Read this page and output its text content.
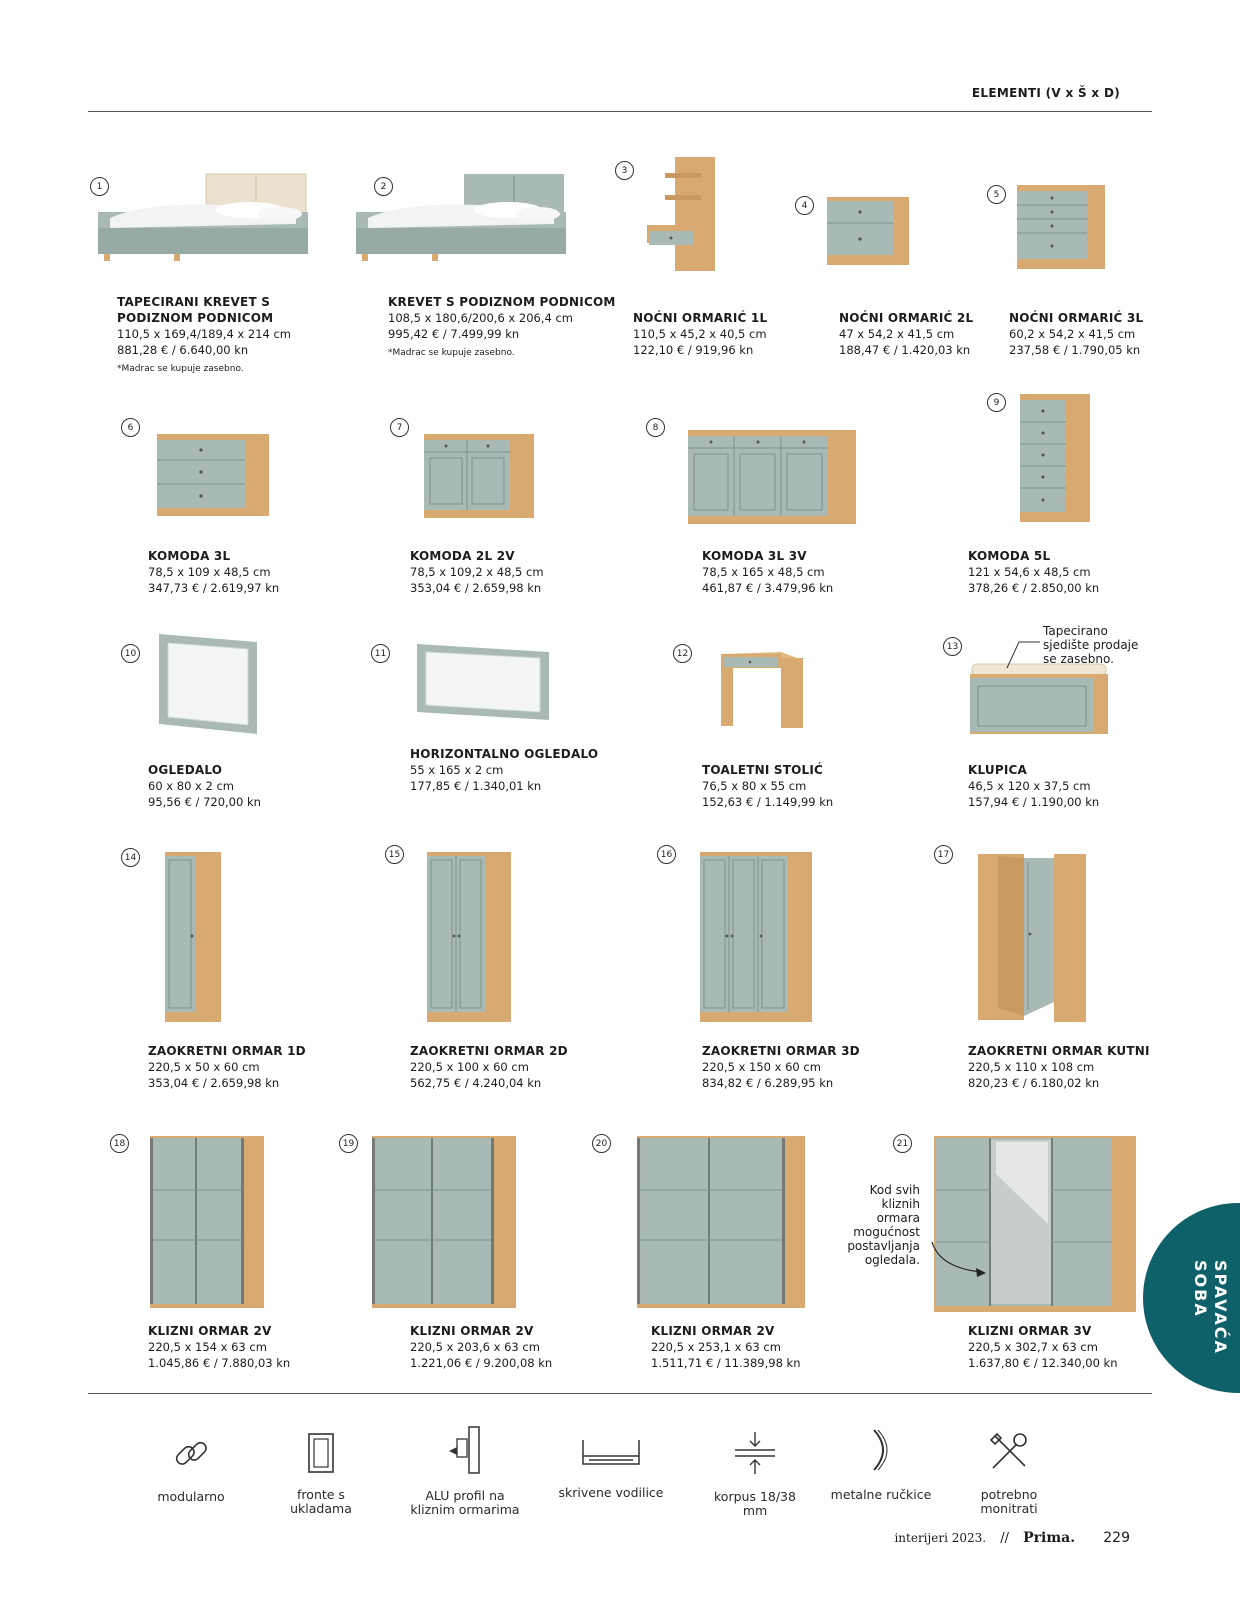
ELEMENTI (V x Š x D)
1
TAPECIRANI KREVET S PODIZNOM PODNICOM
110,5 x 169,4/189,4 x 214 cm
881,28 € / 6.640,00 kn
*Madrac se kupuje zasebno.
2
KREVET S PODIZNOM PODNICOM
108,5 x 180,6/200,6 x 206,4 cm
995,42 € / 7.499,99 kn
*Madrac se kupuje zasebno.
3
NOĆNI ORMARIĆ 1L
110,5 x 45,2 x 40,5 cm
122,10 € / 919,96 kn
4
NOĆNI ORMARIĆ 2L
47 x 54,2 x 41,5 cm
188,47 € / 1.420,03 kn
5
NOĆNI ORMARIĆ 3L
60,2 x 54,2 x 41,5 cm
237,58 € / 1.790,05 kn
6
KOMODA 3L
78,5 x 109 x 48,5 cm
347,73 € / 2.619,97 kn
7
KOMODA 2L 2V
78,5 x 109,2 x 48,5 cm
353,04 € / 2.659,98 kn
8
KOMODA 3L 3V
78,5 x 165 x 48,5 cm
461,87 € / 3.479,96 kn
9
KOMODA 5L
121 x 54,6 x 48,5 cm
378,26 € / 2.850,00 kn
10
OGLEDALO
60 x 80 x 2 cm
95,56 € / 720,00 kn
11
HORIZONTALNO OGLEDALO
55 x 165 x 2 cm
177,85 € / 1.340,01 kn
12
TOALETNI STOLIĆ
76,5 x 80 x 55 cm
152,63 € / 1.149,99 kn
13
Tapecirano sjedište prodaje se zasebno.
KLUPICA
46,5 x 120 x 37,5 cm
157,94 € / 1.190,00 kn
14
ZAOKRETNI ORMAR 1D
220,5 x 50 x 60 cm
353,04 € / 2.659,98 kn
15
ZAOKRETNI ORMAR 2D
220,5 x 100 x 60 cm
562,75 € / 4.240,04 kn
16
ZAOKRETNI ORMAR 3D
220,5 x 150 x 60 cm
834,82 € / 6.289,95 kn
17
ZAOKRETNI ORMAR KUTNI
220,5 x 110 x 108 cm
820,23 € / 6.180,02 kn
18
KLIZNI ORMAR 2V
220,5 x 154 x 63 cm
1.045,86 € / 7.880,03 kn
19
KLIZNI ORMAR 2V
220,5 x 203,6 x 63 cm
1.221,06 € / 9.200,08 kn
20
KLIZNI ORMAR 2V
220,5 x 253,1 x 63 cm
1.511,71 € / 11.389,98 kn
21
Kod svih kliznih ormara mogućnost postavljanja ogledala.
KLIZNI ORMAR 3V
220,5 x 302,7 x 63 cm
1.637,80 € / 12.340,00 kn
SPAVAĆA SOBA
modularno	fronte s ukladama
ALU profil na kliznim ormarima
skrivene vodilice	korpus 18/38 mm
metalne ručkice	potrebno monitrati
interijeri 2023. // Prima. 229
